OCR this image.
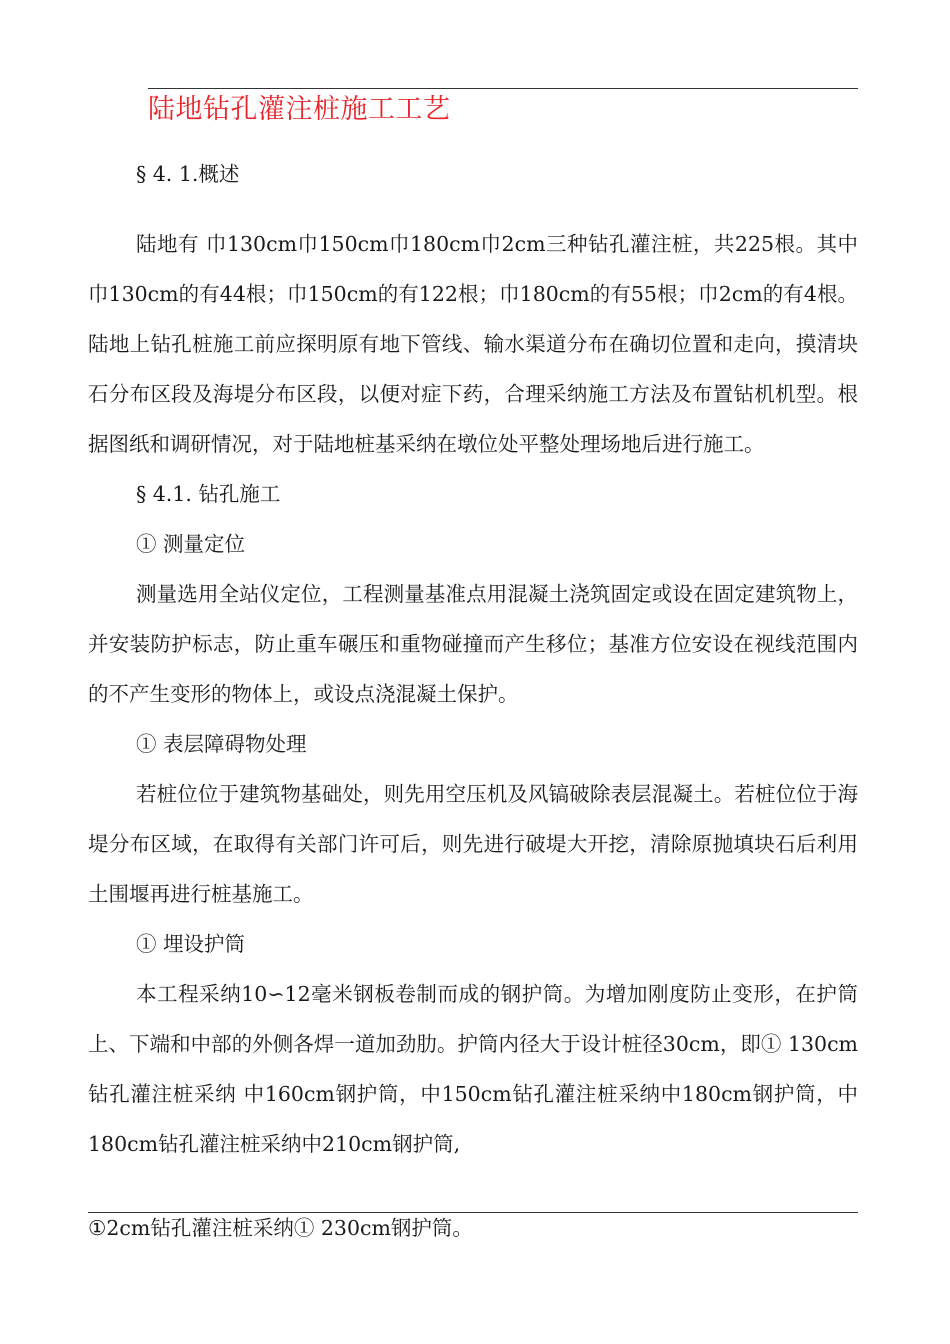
陆地钻孔灌注桩施工工艺

§ 4. 1.概述

陆地有 巾130cm巾150cm巾180cm巾2cm三种钻孔灌注桩，共225根。其中巾130cm的有44根；巾150cm的有122根；巾180cm的有55根；巾2cm的有4根。陆地上钻孔桩施工前应探明原有地下管线、输水渠道分布在确切位置和走向，摸清块石分布区段及海堤分布区段，以便对症下药，合理采纳施工方法及布置钻机机型。根据图纸和调研情况，对于陆地桩基采纳在墩位处平整处理场地后进行施工。

§ 4.1. 钻孔施工

① 测量定位

测量选用全站仪定位，工程测量基准点用混凝土浇筑固定或设在固定建筑物上，并安装防护标志，防止重车碾压和重物碰撞而产生移位；基准方位安设在视线范围内的不产生变形的物体上，或设点浇混凝土保护。

① 表层障碍物处理

若桩位位于建筑物基础处，则先用空压机及风镐破除表层混凝土。若桩位位于海堤分布区域，在取得有关部门许可后，则先进行破堤大开挖，清除原抛填块石后利用土围堰再进行桩基施工。

① 埋设护筒

本工程采纳10∽12毫米钢板卷制而成的钢护筒。为增加刚度防止变形，在护筒上、下端和中部的外侧各焊一道加劲肋。护筒内径大于设计桩径30cm，即① 130cm钻孔灌注桩采纳 中160cm钢护筒，中150cm钻孔灌注桩采纳中180cm钢护筒，中180cm钻孔灌注桩采纳中210cm钢护筒,

①2cm钻孔灌注桩采纳① 230cm钢护筒。
